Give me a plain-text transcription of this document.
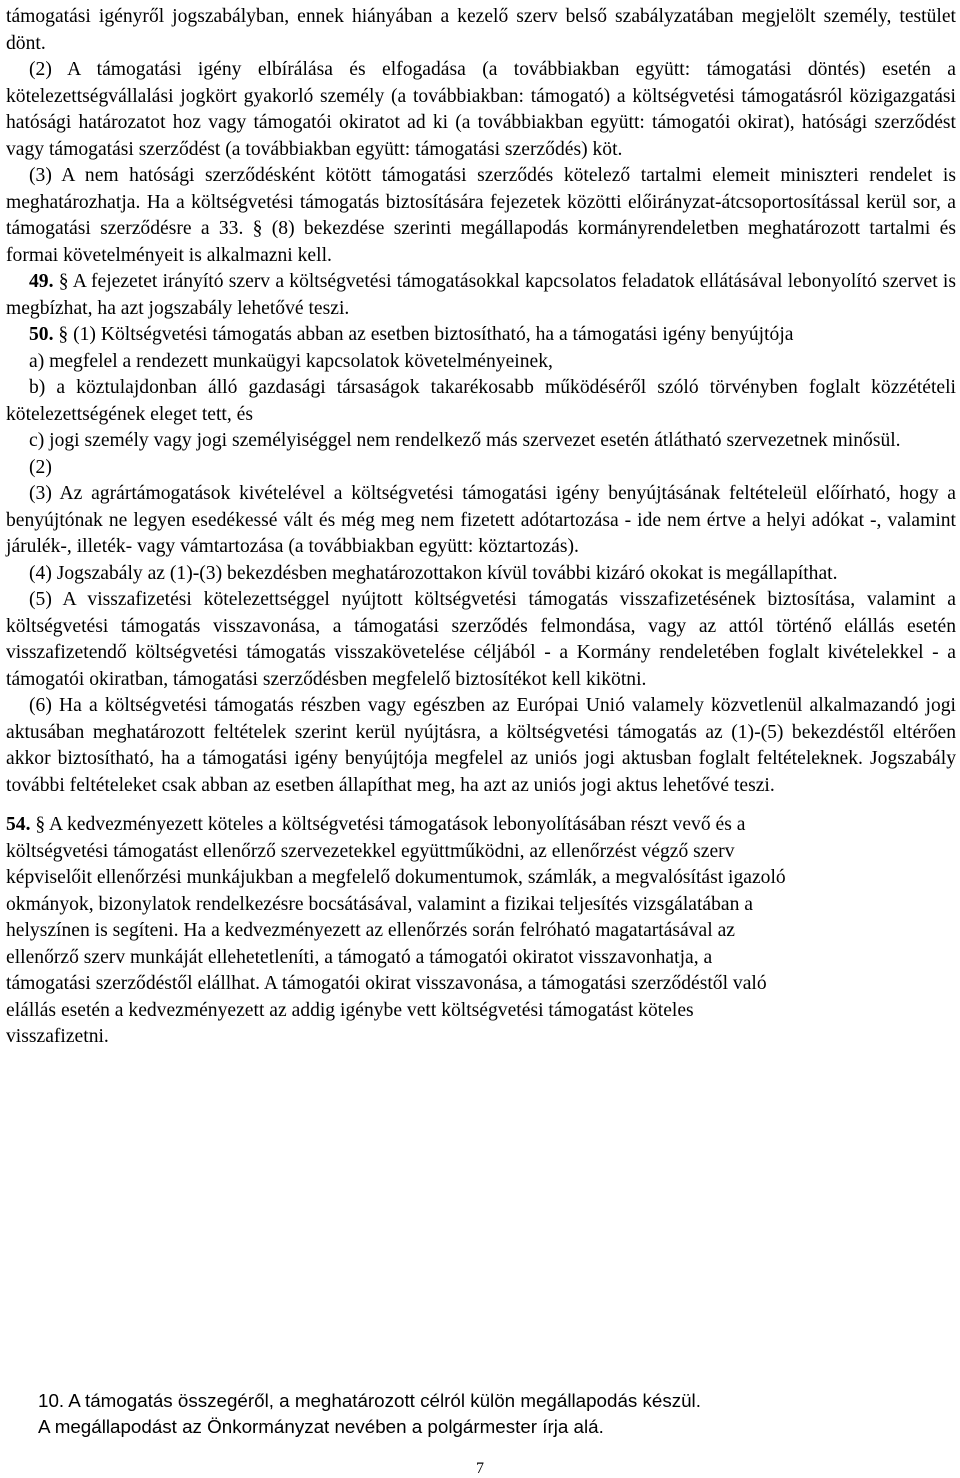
támogatási igényről jogszabályban, ennek hiányában a kezelő szerv belső szabályzatában megjelölt személy, testület dönt.

(2) A támogatási igény elbírálása és elfogadása (a továbbiakban együtt: támogatási döntés) esetén a kötelezettségvállalási jogkört gyakorló személy (a továbbiakban: támogató) a költségvetési támogatásról közigazgatási hatósági határozatot hoz vagy támogatói okiratot ad ki (a továbbiakban együtt: támogatói okirat), hatósági szerződést vagy támogatási szerződést (a továbbiakban együtt: támogatási szerződés) köt.

(3) A nem hatósági szerződésként kötött támogatási szerződés kötelező tartalmi elemeit miniszteri rendelet is meghatározhatja. Ha a költségvetési támogatás biztosítására fejezetek közötti előirányzat-átcsoportosítással kerül sor, a támogatási szerződésre a 33. § (8) bekezdése szerinti megállapodás kormányrendeletben meghatározott tartalmi és formai követelményeit is alkalmazni kell.

49. § A fejezetet irányító szerv a költségvetési támogatásokkal kapcsolatos feladatok ellátásával lebonyolító szervet is megbízhat, ha azt jogszabály lehetővé teszi.

50. § (1) Költségvetési támogatás abban az esetben biztosítható, ha a támogatási igény benyújtója

a) megfelel a rendezett munkaügyi kapcsolatok követelményeinek,

b) a köztulajdonban álló gazdasági társaságok takarékosabb működéséről szóló törvényben foglalt közzétételi kötelezettségének eleget tett, és

c) jogi személy vagy jogi személyiséggel nem rendelkező más szervezet esetén átlátható szervezetnek minősül.

(2)

(3) Az agrártámogatások kivételével a költségvetési támogatási igény benyújtásának feltételeül előírható, hogy a benyújtónak ne legyen esedékessé vált és még meg nem fizetett adótartozása - ide nem értve a helyi adókat -, valamint járulék-, illeték- vagy vámtartozása (a továbbiakban együtt: köztartozás).

(4) Jogszabály az (1)-(3) bekezdésben meghatározottakon kívül további kizáró okokat is megállapíthat.

(5) A visszafizetési kötelezettséggel nyújtott költségvetési támogatás visszafizetésének biztosítása, valamint a költségvetési támogatás visszavonása, a támogatási szerződés felmondása, vagy az attól történő elállás esetén visszafizetendő költségvetési támogatás visszakövetelése céljából - a Kormány rendeletében foglalt kivételekkel - a támogatói okiratban, támogatási szerződésben megfelelő biztosítékot kell kikötni.

(6) Ha a költségvetési támogatás részben vagy egészben az Európai Unió valamely közvetlenül alkalmazandó jogi aktusában meghatározott feltételek szerint kerül nyújtásra, a költségvetési támogatás az (1)-(5) bekezdéstől eltérően akkor biztosítható, ha a támogatási igény benyújtója megfelel az uniós jogi aktusban foglalt feltételeknek. Jogszabály további feltételeket csak abban az esetben állapíthat meg, ha azt az uniós jogi aktus lehetővé teszi.

54. § A kedvezményezett köteles a költségvetési támogatások lebonyolításában részt vevő és a
költségvetési támogatást ellenőrző szervezetekkel együttműködni, az ellenőrzést végző szerv
képviselőit ellenőrzési munkájukban a megfelelő dokumentumok, számlák, a megvalósítást igazoló
okmányok, bizonylatok rendelkezésre bocsátásával, valamint a fizikai teljesítés vizsgálatában a
helyszínen is segíteni. Ha a kedvezményezett az ellenőrzés során felróható magatartásával az
ellenőrző szerv munkáját ellehetetleníti, a támogató a támogatói okiratot visszavonhatja, a
támogatási szerződéstől elállhat. A támogatói okirat visszavonása, a támogatási szerződéstől való
elállás esetén a kedvezményezett az addig igénybe vett költségvetési támogatást köteles
visszafizetni.
10. A támogatás összegéről, a meghatározott célról külön megállapodás készül.
A megállapodást az Önkormányzat nevében a polgármester írja alá.
7
